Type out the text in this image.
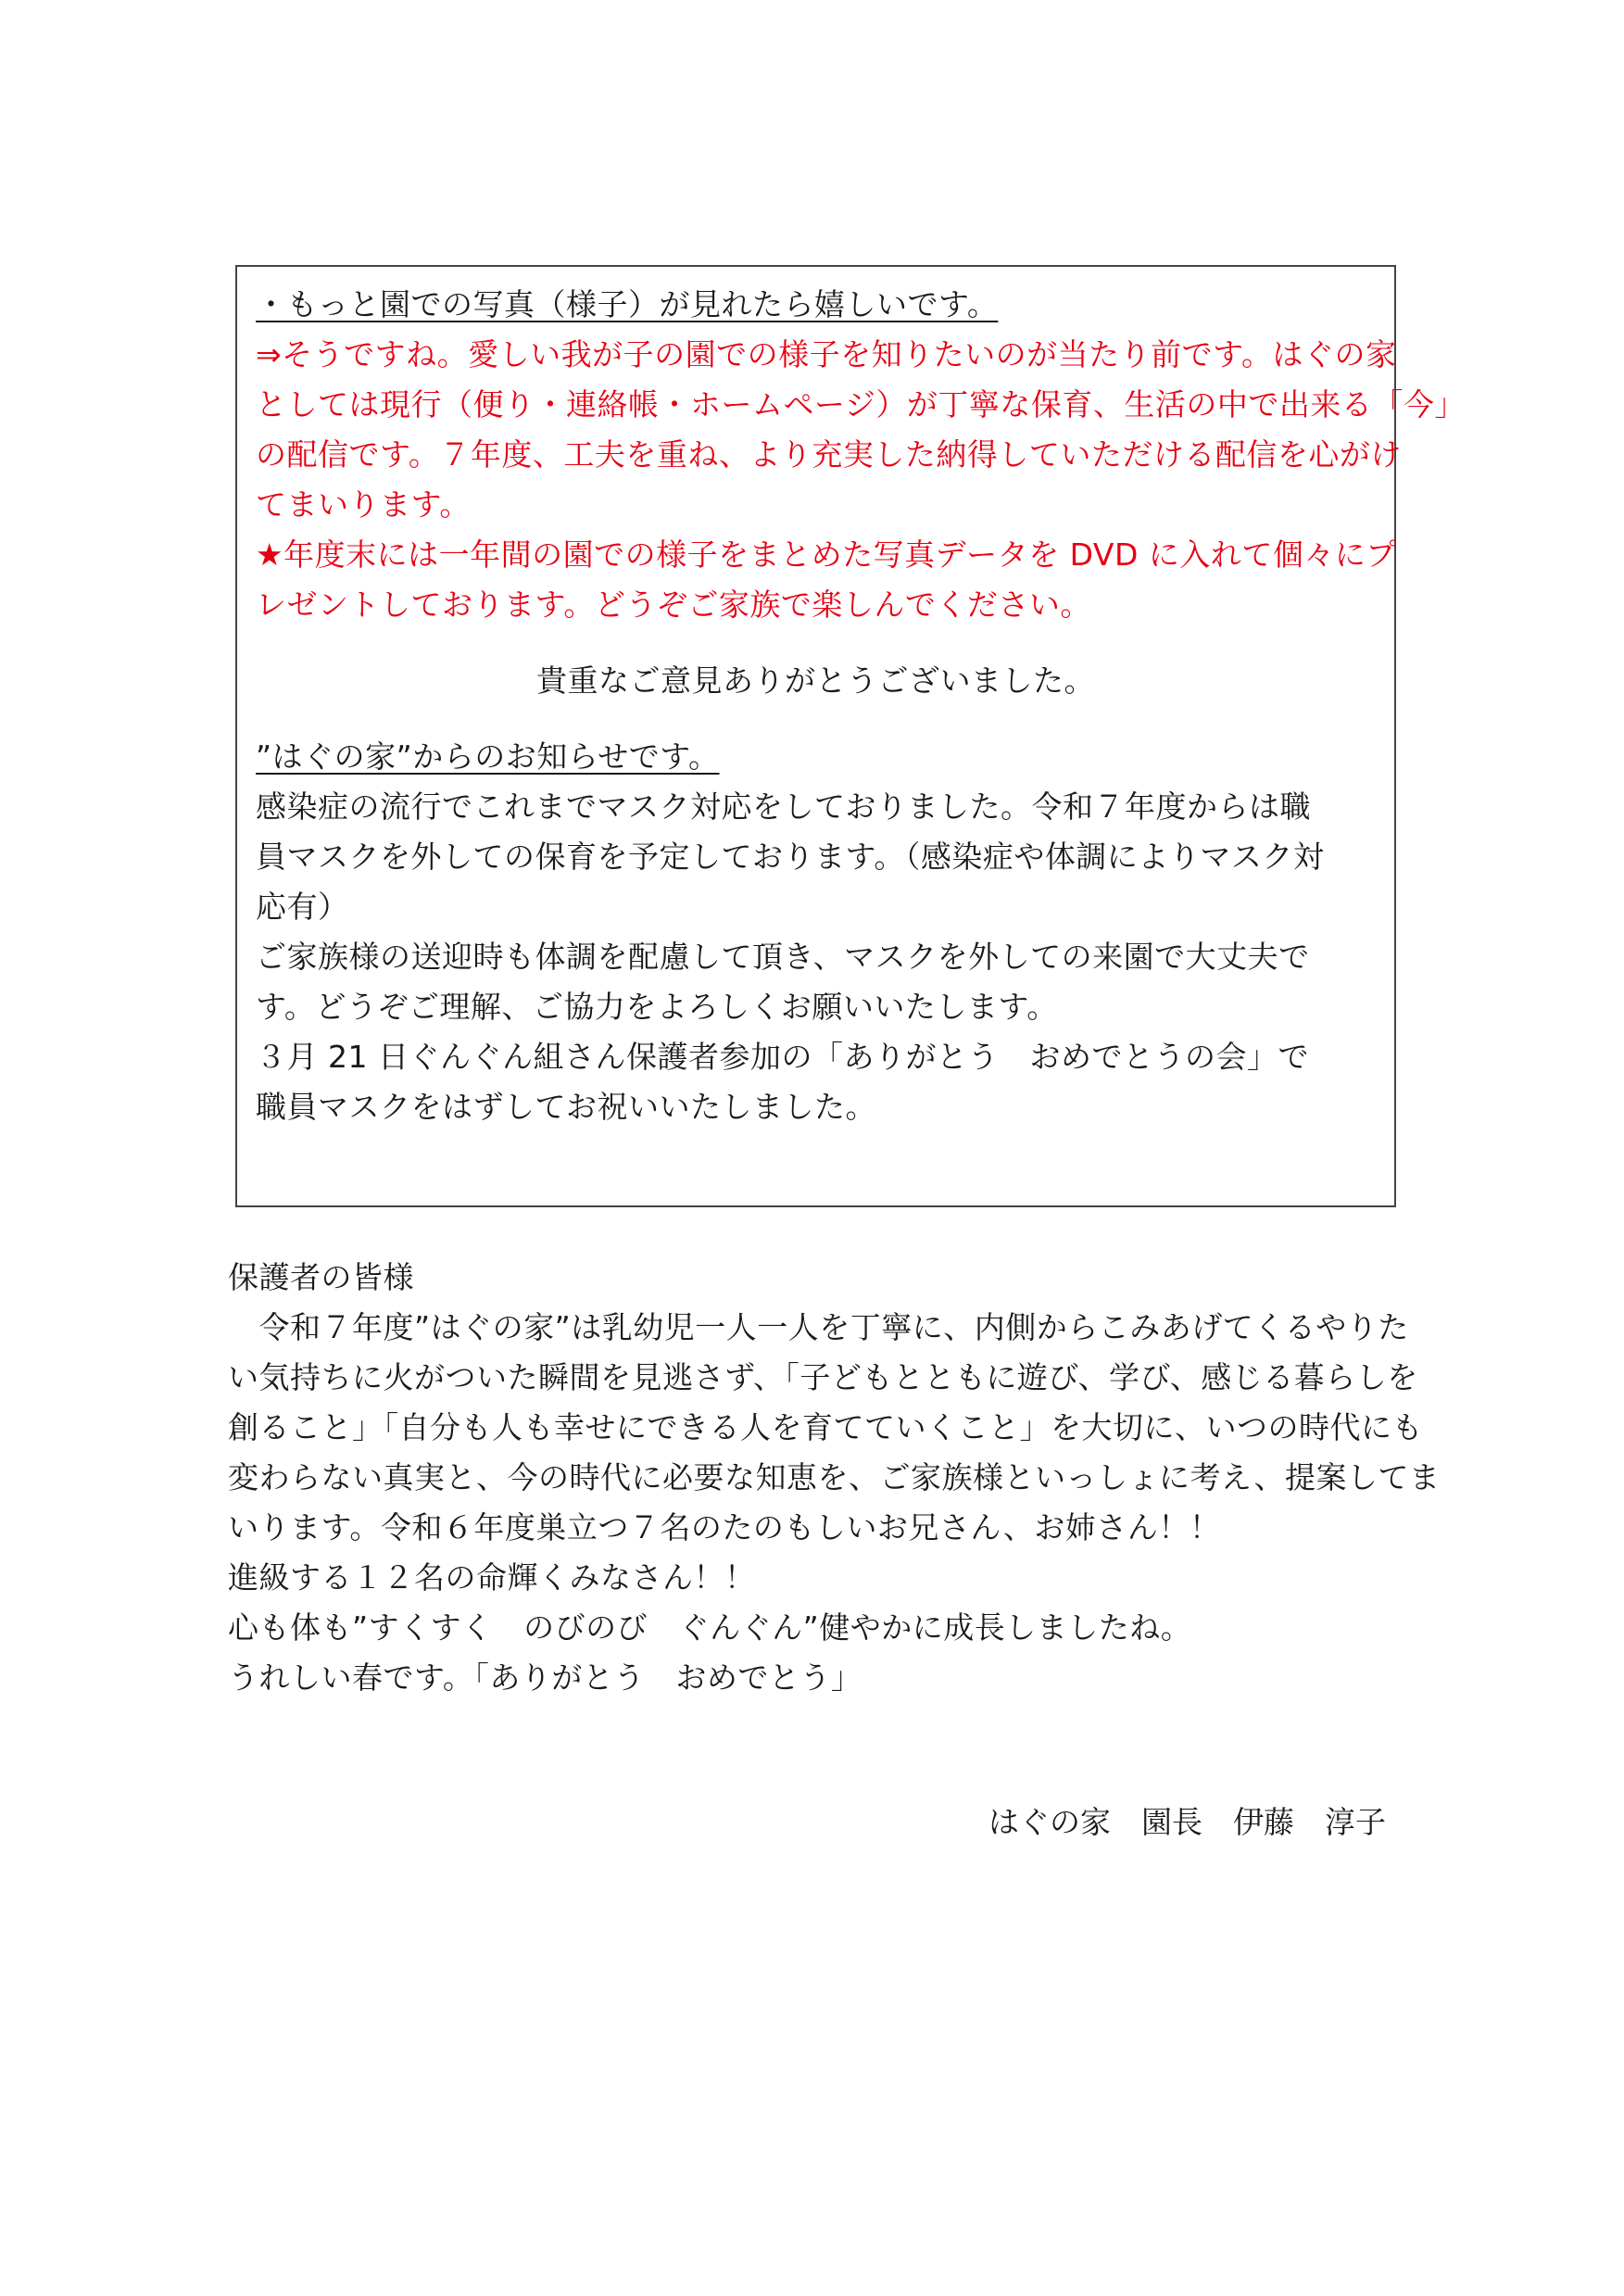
・もっと園での写真（様子）が見れたら嬉しいです。
⇒そうですね。愛しい我が子の園での様子を知りたいのが当たり前です。はぐの家
としては現行（便り・連絡帳・ホームページ）が丁寧な保育、生活の中で出来る「今」
の配信です。７年度、工夫を重ね、より充実した納得していただける配信を心がけ
てまいります。
★年度末には一年間の園での様子をまとめた写真データを DVD に入れて個々にプ
レゼントしております。どうぞご家族で楽しんでください。
貴重なご意見ありがとうございました。
”はぐの家”からのお知らせです。
感染症の流行でこれまでマスク対応をしておりました。令和７年度からは職
員マスクを外しての保育を予定しております。（感染症や体調によりマスク対
応有）
ご家族様の送迎時も体調を配慮して頂き、マスクを外しての来園で大丈夫で
す。どうぞご理解、ご協力をよろしくお願いいたします。
３月 21 日ぐんぐん組さん保護者参加の「ありがとう　おめでとうの会」で
職員マスクをはずしてお祝いいたしました。
保護者の皆様
　令和７年度”はぐの家”は乳幼児一人一人を丁寧に、内側からこみあげてくるやりた
い気持ちに火がついた瞬間を見逃さず、「子どもとともに遊び、学び、感じる暮らしを
創ること」「自分も人も幸せにできる人を育てていくこと」を大切に、いつの時代にも
変わらない真実と、今の時代に必要な知恵を、ご家族様といっしょに考え、提案してま
いります。令和６年度巣立つ７名のたのもしいお兄さん、お姉さん！！
進級する１２名の命輝くみなさん！！
心も体も”すくすく　のびのび　ぐんぐん”健やかに成長しましたね。
うれしい春です。「ありがとう　おめでとう」
はぐの家　園長　伊藤　淳子
